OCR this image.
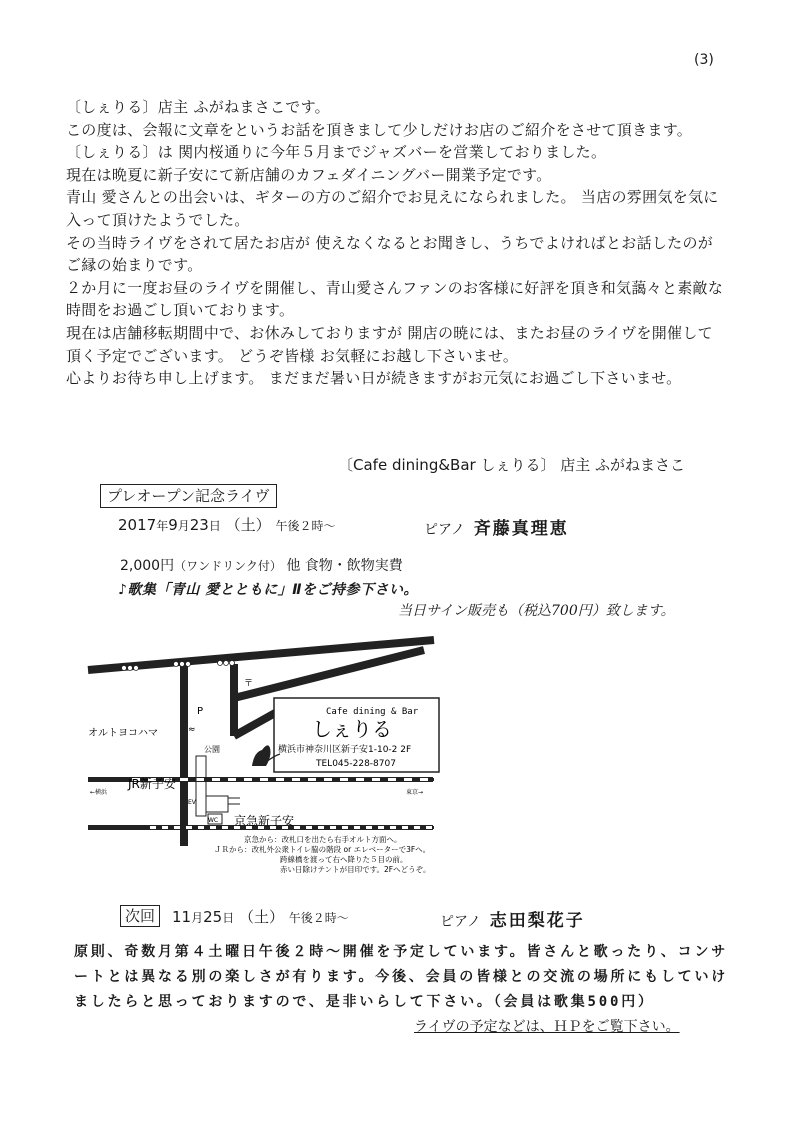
(3)
〔しぇりる〕店主 ふがねまさこです。
この度は、会報に文章をというお話を頂きまして少しだけお店のご紹介をさせて頂きます。
〔しぇりる〕は 関内桜通りに今年５月までジャズバーを営業しておりました。
現在は晩夏に新子安にて新店舗のカフェダイニングバー開業予定です。
青山 愛さんとの出会いは、ギターの方のご紹介でお見えになられました。 当店の雰囲気を気に入って頂けたようでした。
その当時ライヴをされて居たお店が 使えなくなるとお聞きし、うちでよければとお話したのがご縁の始まりです。
２か月に一度お昼のライヴを開催し、青山愛さんファンのお客様に好評を頂き和気藹々と素敵な時間をお過ごし頂いております。
現在は店舗移転期間中で、お休みしておりますが 開店の暁には、またお昼のライヴを開催して頂く予定でございます。 どうぞ皆様 お気軽にお越し下さいませ。
心よりお待ち申し上げます。 まだまだ暑い日が続きますがお元気にお過ごし下さいませ。
〔Cafe dining&Bar しぇりる〕 店主 ふがねまさこ
プレオープン記念ライヴ
2017年9月23日 （土） 午後２時～	ピアノ 斉藤真理恵
2,000円（ワンドリンク付） 他 食物・飲物実費
♪歌集「青山 愛とともに」Ⅱをご持参下さい。
当日サイン販売も（税込700円）致します。
P
〒
オルトヨコハマ	≈
公園
Cafe dining & Bar
しぇりる
横浜市神奈川区新子安1-10-2 2F
TEL045-228-8707
←横浜	東京→
JR新子安
EV
WC 京急新子安
京急から：改札口を出たら右手オルト方面へ。
ＪＲから：改札外公衆トイレ脇の階段 or エレベーターで3Fへ。
跨線橋を渡って右へ降りた５目の前。
赤い日除けテントが目印です。2Fへどうぞ。
次回	11月25日 （土） 午後２時～	ピアノ 志田梨花子
原則、奇数月第４土曜日午後２時～開催を予定しています。皆さんと歌ったり、コンサ
ートとは異なる別の楽しさが有ります。今後、会員の皆様との交流の場所にもしていけ
ましたらと思っておりますので、是非いらして下さい。（会員は歌集500円）
ライヴの予定などは、ＨＰをご覧下さい。
